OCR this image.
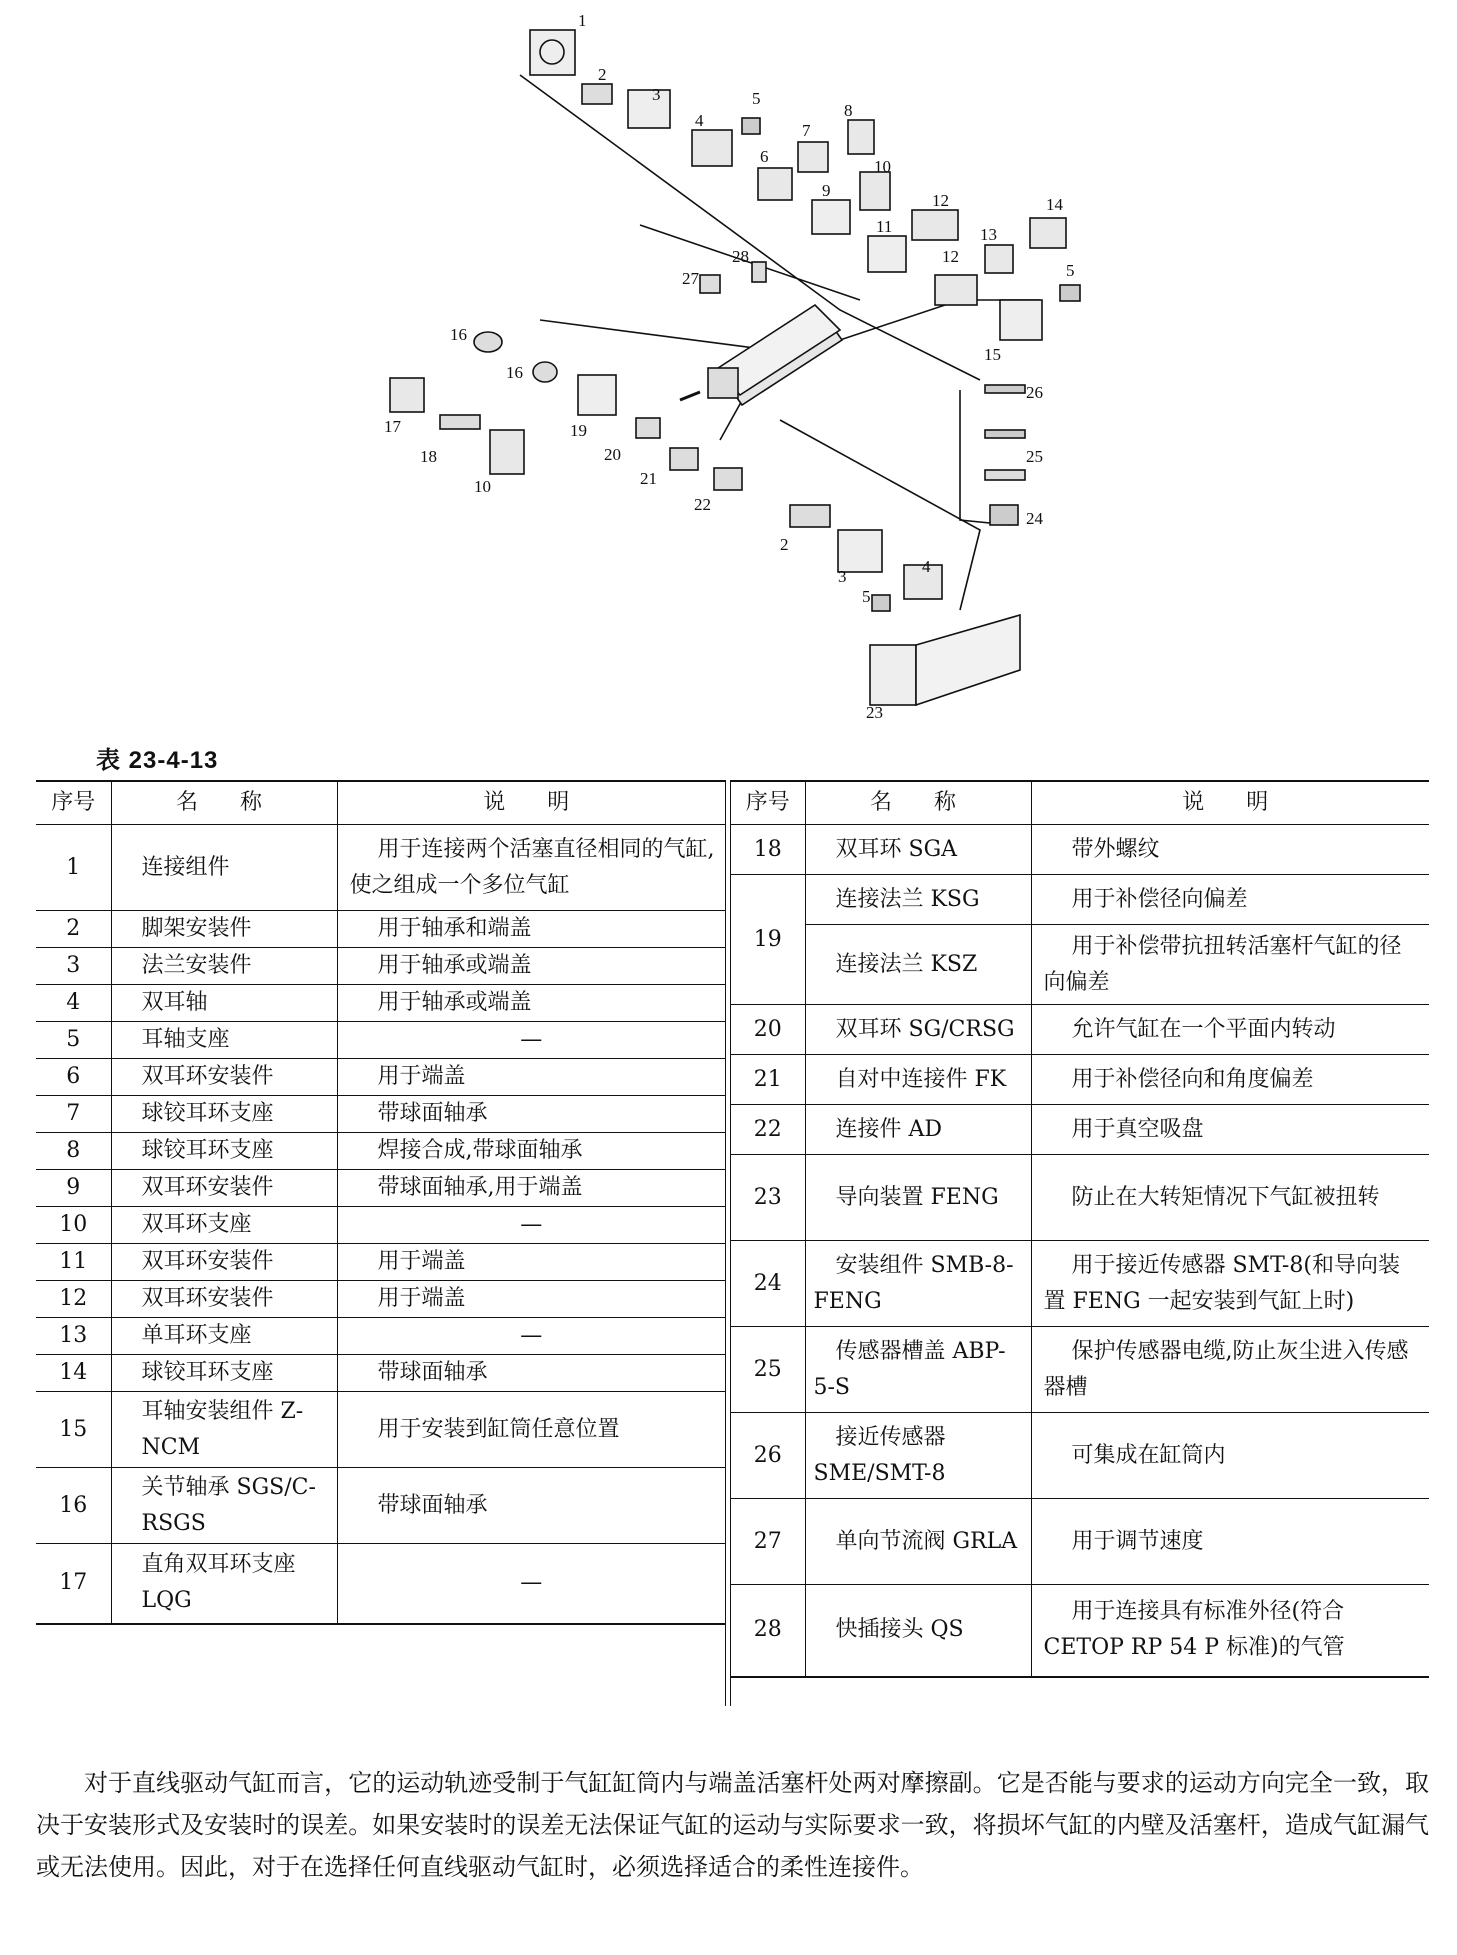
1
2
3
4
5
8
7
6
10
9
12
11
14
13
12
5
27
28
16
16
15
26
25
24
17	19
20
21
22
18
10
2
3
4
5
23
表 23-4-13
序号	名　称	说　明
1	连接组件	用于连接两个活塞直径相同的气缸,使之组成一个多位气缸
2	脚架安装件	用于轴承和端盖
3	法兰安装件	用于轴承或端盖
4	双耳轴	用于轴承或端盖
5	耳轴支座	—
6	双耳环安装件	用于端盖
7	球铰耳环支座	带球面轴承
8	球铰耳环支座	焊接合成,带球面轴承
9	双耳环安装件	带球面轴承,用于端盖
10	双耳环支座	—
11	双耳环安装件	用于端盖
12	双耳环安装件	用于端盖
13	单耳环支座	—
14	球铰耳环支座	带球面轴承
15	耳轴安装组件 Z-NCM	用于安装到缸筒任意位置
16	关节轴承 SGS/C-RSGS	带球面轴承
17	直角双耳环支座 LQG	—
序号	名　称	说　明
18	双耳环 SGA	带外螺纹
19	连接法兰 KSG	用于补偿径向偏差
	连接法兰 KSZ	用于补偿带抗扭转活塞杆气缸的径向偏差
20	双耳环 SG/CRSG	允许气缸在一个平面内转动
21	自对中连接件 FK	用于补偿径向和角度偏差
22	连接件 AD	用于真空吸盘
23	导向装置 FENG	防止在大转矩情况下气缸被扭转
24	安装组件 SMB-8-FENG	用于接近传感器 SMT-8(和导向装置 FENG 一起安装到气缸上时)
25	传感器槽盖 ABP-5-S	保护传感器电缆,防止灰尘进入传感器槽
26	接近传感器 SME/SMT-8	可集成在缸筒内
27	单向节流阀 GRLA	用于调节速度
28	快插接头 QS	用于连接具有标准外径(符合CETOP RP 54 P 标准)的气管

对于直线驱动气缸而言，它的运动轨迹受制于气缸缸筒内与端盖活塞杆处两对摩擦副。它是否能与要求的运动方向完全一致，取决于安装形式及安装时的误差。如果安装时的误差无法保证气缸的运动与实际要求一致，将损坏气缸的内壁及活塞杆，造成气缸漏气或无法使用。因此，对于在选择任何直线驱动气缸时，必须选择适合的柔性连接件。
